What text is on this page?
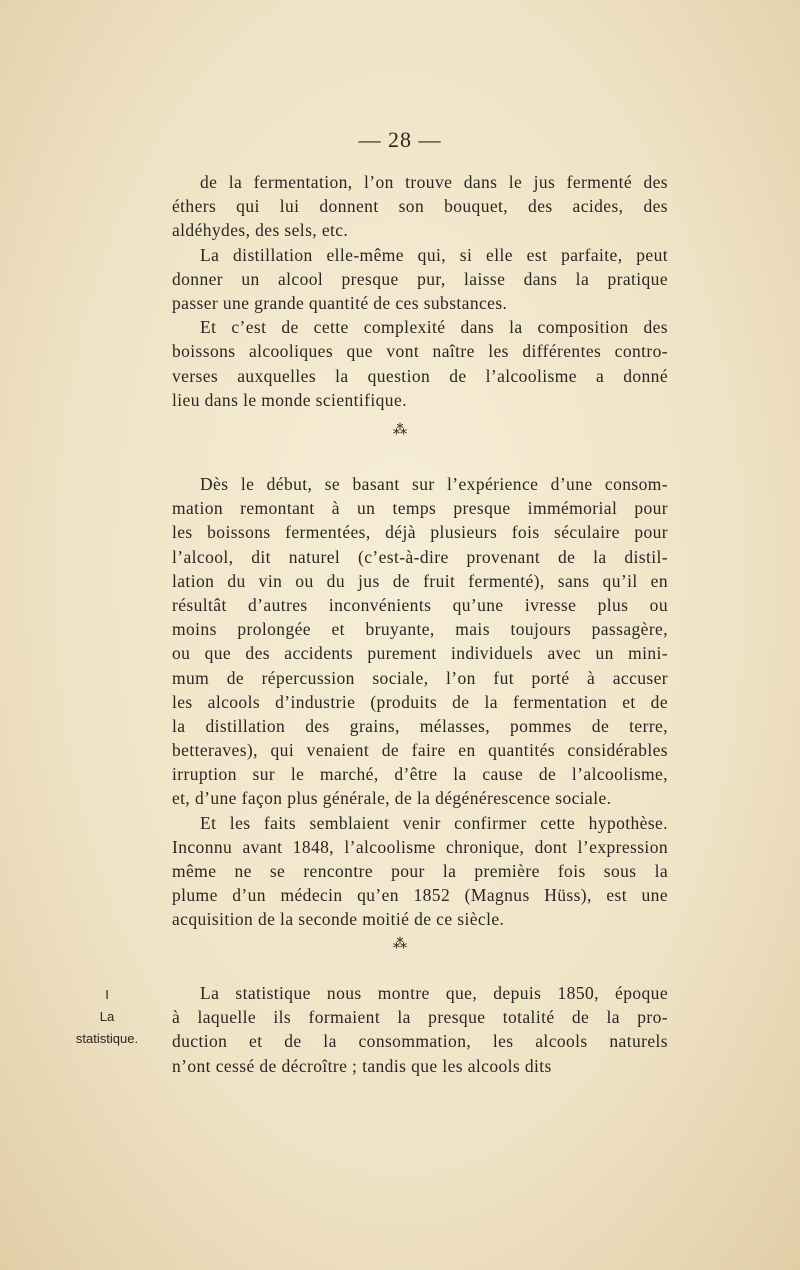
— 28 —
de la fermentation, l’on trouve dans le jus fermenté des
éthers qui lui donnent son bouquet, des acides, des
aldéhydes, des sels, etc.
La distillation elle-même qui, si elle est parfaite, peut
donner un alcool presque pur, laisse dans la pratique
passer une grande quantité de ces substances.
Et c’est de cette complexité dans la composition des
boissons alcooliques que vont naître les différentes contro-
verses auxquelles la question de l’alcoolisme a donné
lieu dans le monde scientifique.
⁂
Dès le début, se basant sur l’expérience d’une consom-
mation remontant à un temps presque immémorial pour
les boissons fermentées, déjà plusieurs fois séculaire pour
l’alcool, dit naturel (c’est-à-dire provenant de la distil-
lation du vin ou du jus de fruit fermenté), sans qu’il en
résultât d’autres inconvénients qu’une ivresse plus ou
moins prolongée et bruyante, mais toujours passagère,
ou que des accidents purement individuels avec un mini-
mum de répercussion sociale, l’on fut porté à accuser
les alcools d’industrie (produits de la fermentation et de
la distillation des grains, mélasses, pommes de terre,
betteraves), qui venaient de faire en quantités considérables
irruption sur le marché, d’être la cause de l’alcoolisme,
et, d’une façon plus générale, de la dégénérescence sociale.
Et les faits semblaient venir confirmer cette hypothèse.
Inconnu avant 1848, l’alcoolisme chronique, dont l’expression
même ne se rencontre pour la première fois sous la
plume d’un médecin qu’en 1852 (Magnus Hüss), est une
acquisition de la seconde moitié de ce siècle.
⁂
I
La
statistique.
La statistique nous montre que, depuis 1850, époque
à laquelle ils formaient la presque totalité de la pro-
duction et de la consommation, les alcools naturels
n’ont cessé de décroître ; tandis que les alcools dits
